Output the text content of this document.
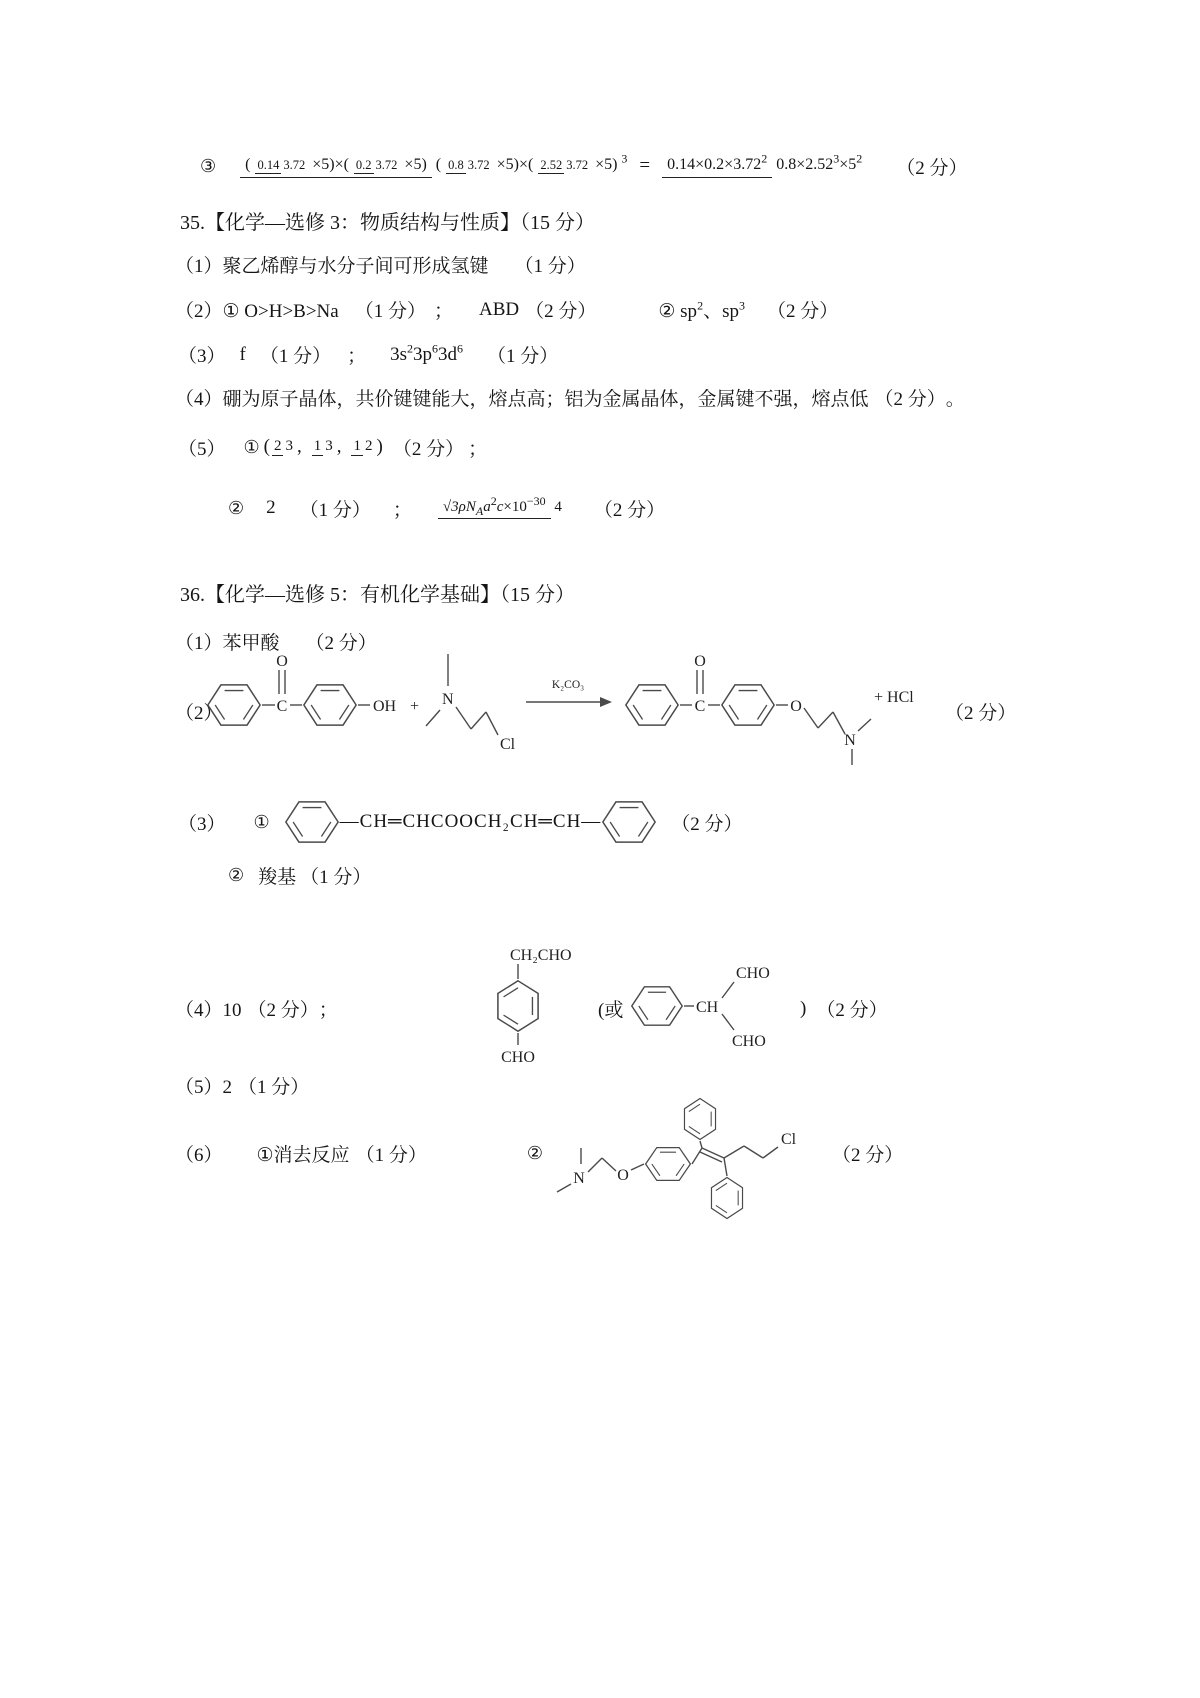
③	( 0.14 3.72 ×5)×( 0.2 3.72 ×5) ( 0.8 3.72 ×5)×( 2.52 3.72 ×5) $^3$ =	$0.14\times 0.2\times 3.72^2$ $0.8\times 2.52^3\times 5^2$ （2 分）
35.【化学—选修 3：物质结构与性质】（15 分）
（1）聚乙烯醇与水分子间可形成氢键 （1 分）
（2）① O>H>B>Na （1 分） ； ABD （2 分）	② $sp^2$、$sp^3$ （2 分）
（3） f （1 分） ； $3s^23p^63d^6$ （1 分）
（4）硼为原子晶体，共价键键能大，熔点高；铝为金属晶体，金属键不强，熔点低 （2 分） 。
（5） ① ( 2 3 , 1 3 , 1 2 ) （2 分） ；
② 2 （1 分） ；	$√3\rho N_Aa^2c\times 10^{-30}$ 4 （2 分）
36.【化学—选修 5：有机化学基础】（15 分）
（1）苯甲酸 （2 分）
（2）
O
C	OH + N
Cl
K₂CO₃
O
C	O
N
+ HCl
（2 分）
（3） ①	—CH═CHCOOCH₂CH═CH—	（2 分）
② 羧基 （1 分）
（4）10 （2 分） ；
CH₂CHO
CHO
(或	CH
CHO
CHO
) （2 分）
（5）2 （1 分）
（6） ①消去反应 （1 分）	②
N O
Cl
（2 分）
